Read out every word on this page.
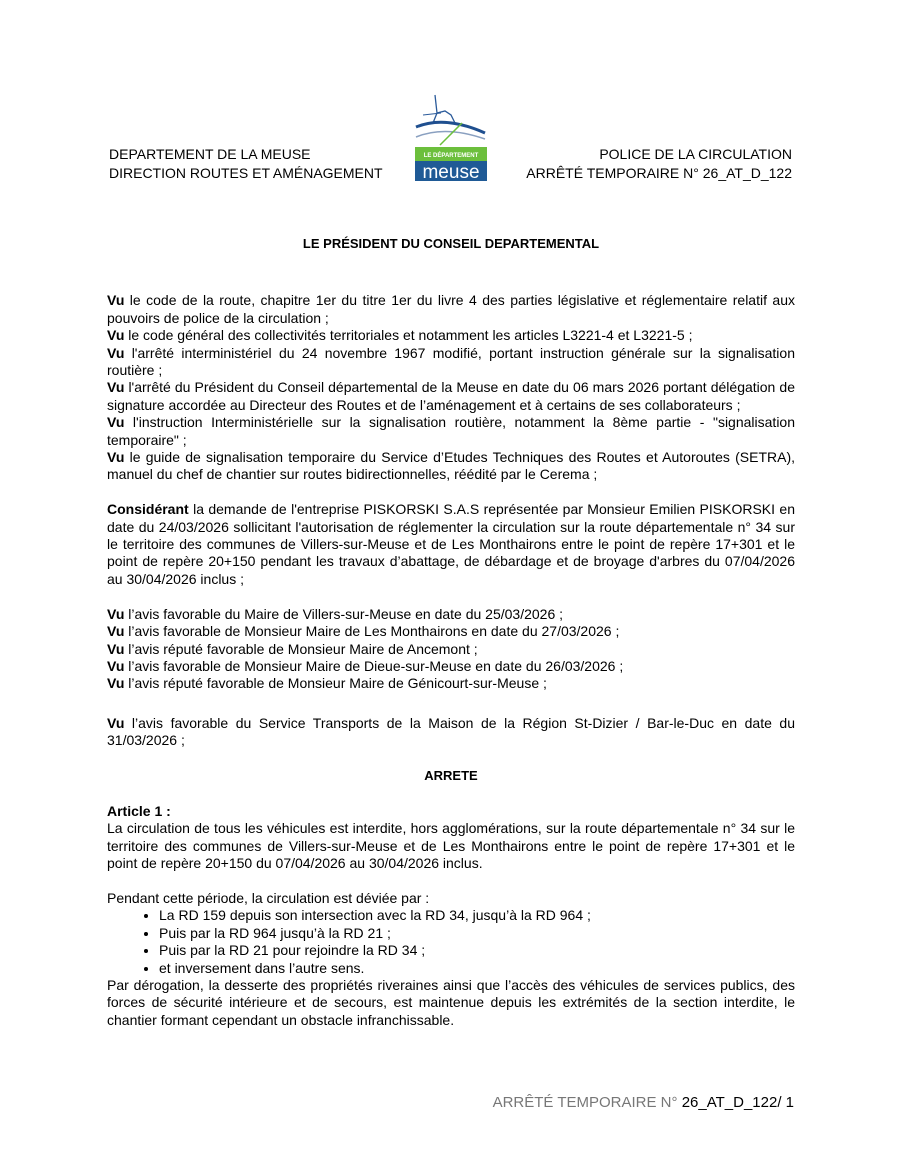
DEPARTEMENT DE LA MEUSE
DIRECTION ROUTES ET AMÉNAGEMENT
LE DÉPARTEMENT
meuse
POLICE DE LA CIRCULATION
ARRÊTÉ TEMPORAIRE N° 26_AT_D_122

LE PRÉSIDENT DU CONSEIL DEPARTEMENTAL

Vu le code de la route, chapitre 1er du titre 1er du livre 4 des parties législative et réglementaire relatif aux pouvoirs de police de la circulation ;

Vu le code général des collectivités territoriales et notamment les articles L3221-4 et L3221-5 ;

Vu l'arrêté interministériel du 24 novembre 1967 modifié, portant instruction générale sur la signalisation routière ;

Vu l'arrêté du Président du Conseil départemental de la Meuse en date du 06 mars 2026 portant délégation de signature accordée au Directeur des Routes et de l’aménagement et à certains de ses collaborateurs ;

Vu l'instruction Interministérielle sur la signalisation routière, notamment la 8ème partie - "signalisation temporaire" ;

Vu le guide de signalisation temporaire du Service d’Etudes Techniques des Routes et Autoroutes (SETRA), manuel du chef de chantier sur routes bidirectionnelles, réédité par le Cerema ;

Considérant la demande de l'entreprise PISKORSKI S.A.S représentée par Monsieur Emilien PISKORSKI en date du 24/03/2026 sollicitant l'autorisation de réglementer la circulation sur la route départementale n° 34 sur le territoire des communes de Villers-sur-Meuse et de Les Monthairons entre le point de repère 17+301 et le point de repère 20+150 pendant les travaux d’abattage, de débardage et de broyage d'arbres du 07/04/2026 au 30/04/2026 inclus ;

Vu l’avis favorable du Maire de Villers-sur-Meuse en date du 25/03/2026 ;

Vu l’avis favorable de Monsieur Maire de Les Monthairons en date du 27/03/2026 ;

Vu l’avis réputé favorable de Monsieur Maire de Ancemont ;

Vu l’avis favorable de Monsieur Maire de Dieue-sur-Meuse en date du 26/03/2026 ;

Vu l’avis réputé favorable de Monsieur Maire de Génicourt-sur-Meuse ;

Vu l’avis favorable du Service Transports de la Maison de la Région St-Dizier / Bar-le-Duc en date du 31/03/2026 ;

ARRETE

Article 1 :

La circulation de tous les véhicules est interdite, hors agglomérations, sur la route départementale n° 34 sur le territoire des communes de Villers-sur-Meuse et de Les Monthairons entre le point de repère 17+301 et le point de repère 20+150 du 07/04/2026 au 30/04/2026 inclus.

Pendant cette période, la circulation est déviée par :

• La RD 159 depuis son intersection avec la RD 34, jusqu’à la RD 964 ;
• Puis par la RD 964 jusqu’à la RD 21 ;
• Puis par la RD 21 pour rejoindre la RD 34 ;
• et inversement dans l’autre sens.

Par dérogation, la desserte des propriétés riveraines ainsi que l’accès des véhicules de services publics, des forces de sécurité intérieure et de secours, est maintenue depuis les extrémités de la section interdite, le chantier formant cependant un obstacle infranchissable.

ARRÊTÉ TEMPORAIRE N° 26_AT_D_122/ 1
